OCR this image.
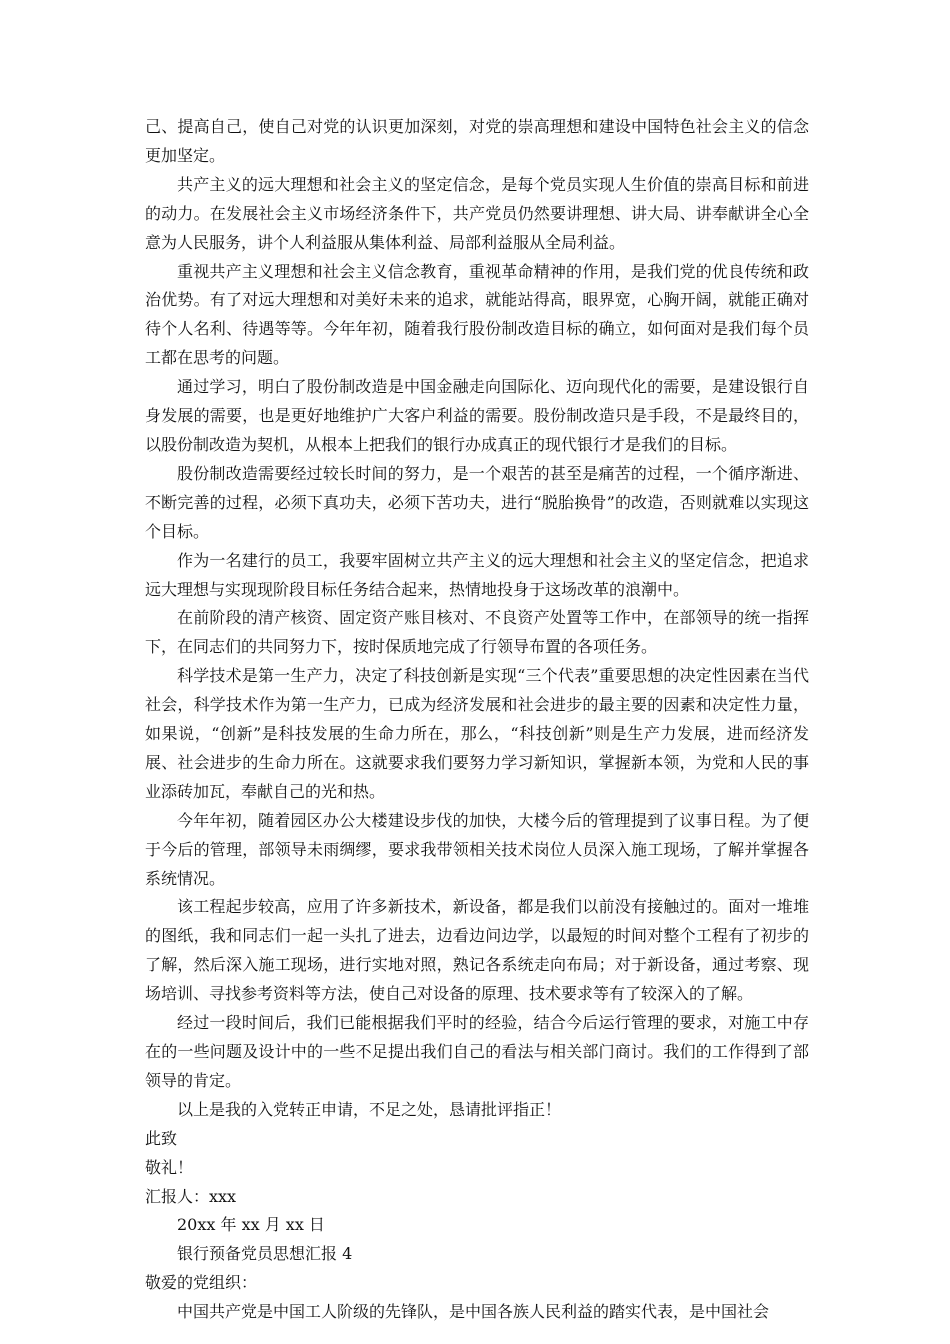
己、提高自己，使自己对党的认识更加深刻，对党的崇高理想和建设中国特色社会主义的信念更加坚定。

共产主义的远大理想和社会主义的坚定信念，是每个党员实现人生价值的崇高目标和前进的动力。在发展社会主义市场经济条件下，共产党员仍然要讲理想、讲大局、讲奉献讲全心全意为人民服务，讲个人利益服从集体利益、局部利益服从全局利益。

重视共产主义理想和社会主义信念教育，重视革命精神的作用，是我们党的优良传统和政治优势。有了对远大理想和对美好未来的追求，就能站得高，眼界宽，心胸开阔，就能正确对待个人名利、待遇等等。今年年初，随着我行股份制改造目标的确立，如何面对是我们每个员工都在思考的问题。

通过学习，明白了股份制改造是中国金融走向国际化、迈向现代化的需要，是建设银行自身发展的需要，也是更好地维护广大客户利益的需要。股份制改造只是手段，不是最终目的，以股份制改造为契机，从根本上把我们的银行办成真正的现代银行才是我们的目标。

股份制改造需要经过较长时间的努力，是一个艰苦的甚至是痛苦的过程，一个循序渐进、不断完善的过程，必须下真功夫，必须下苦功夫，进行“脱胎换骨”的改造，否则就难以实现这个目标。

作为一名建行的员工，我要牢固树立共产主义的远大理想和社会主义的坚定信念，把追求远大理想与实现现阶段目标任务结合起来，热情地投身于这场改革的浪潮中。

在前阶段的清产核资、固定资产账目核对、不良资产处置等工作中，在部领导的统一指挥下，在同志们的共同努力下，按时保质地完成了行领导布置的各项任务。

科学技术是第一生产力，决定了科技创新是实现“三个代表”重要思想的决定性因素在当代社会，科学技术作为第一生产力，已成为经济发展和社会进步的最主要的因素和决定性力量，如果说，“创新”是科技发展的生命力所在，那么，“科技创新”则是生产力发展，进而经济发展、社会进步的生命力所在。这就要求我们要努力学习新知识，掌握新本领，为党和人民的事业添砖加瓦，奉献自己的光和热。

今年年初，随着园区办公大楼建设步伐的加快，大楼今后的管理提到了议事日程。为了便于今后的管理，部领导未雨绸缪，要求我带领相关技术岗位人员深入施工现场，了解并掌握各系统情况。

该工程起步较高，应用了许多新技术，新设备，都是我们以前没有接触过的。面对一堆堆的图纸，我和同志们一起一头扎了进去，边看边问边学，以最短的时间对整个工程有了初步的了解，然后深入施工现场，进行实地对照，熟记各系统走向布局；对于新设备，通过考察、现场培训、寻找参考资料等方法，使自己对设备的原理、技术要求等有了较深入的了解。

经过一段时间后，我们已能根据我们平时的经验，结合今后运行管理的要求，对施工中存在的一些问题及设计中的一些不足提出我们自己的看法与相关部门商讨。我们的工作得到了部领导的肯定。

以上是我的入党转正申请，不足之处，恳请批评指正！

此致

敬礼！

汇报人：xxx

20xx 年 xx 月 xx 日

银行预备党员思想汇报 4

敬爱的党组织：

中国共产党是中国工人阶级的先锋队，是中国各族人民利益的踏实代表，是中国社会
